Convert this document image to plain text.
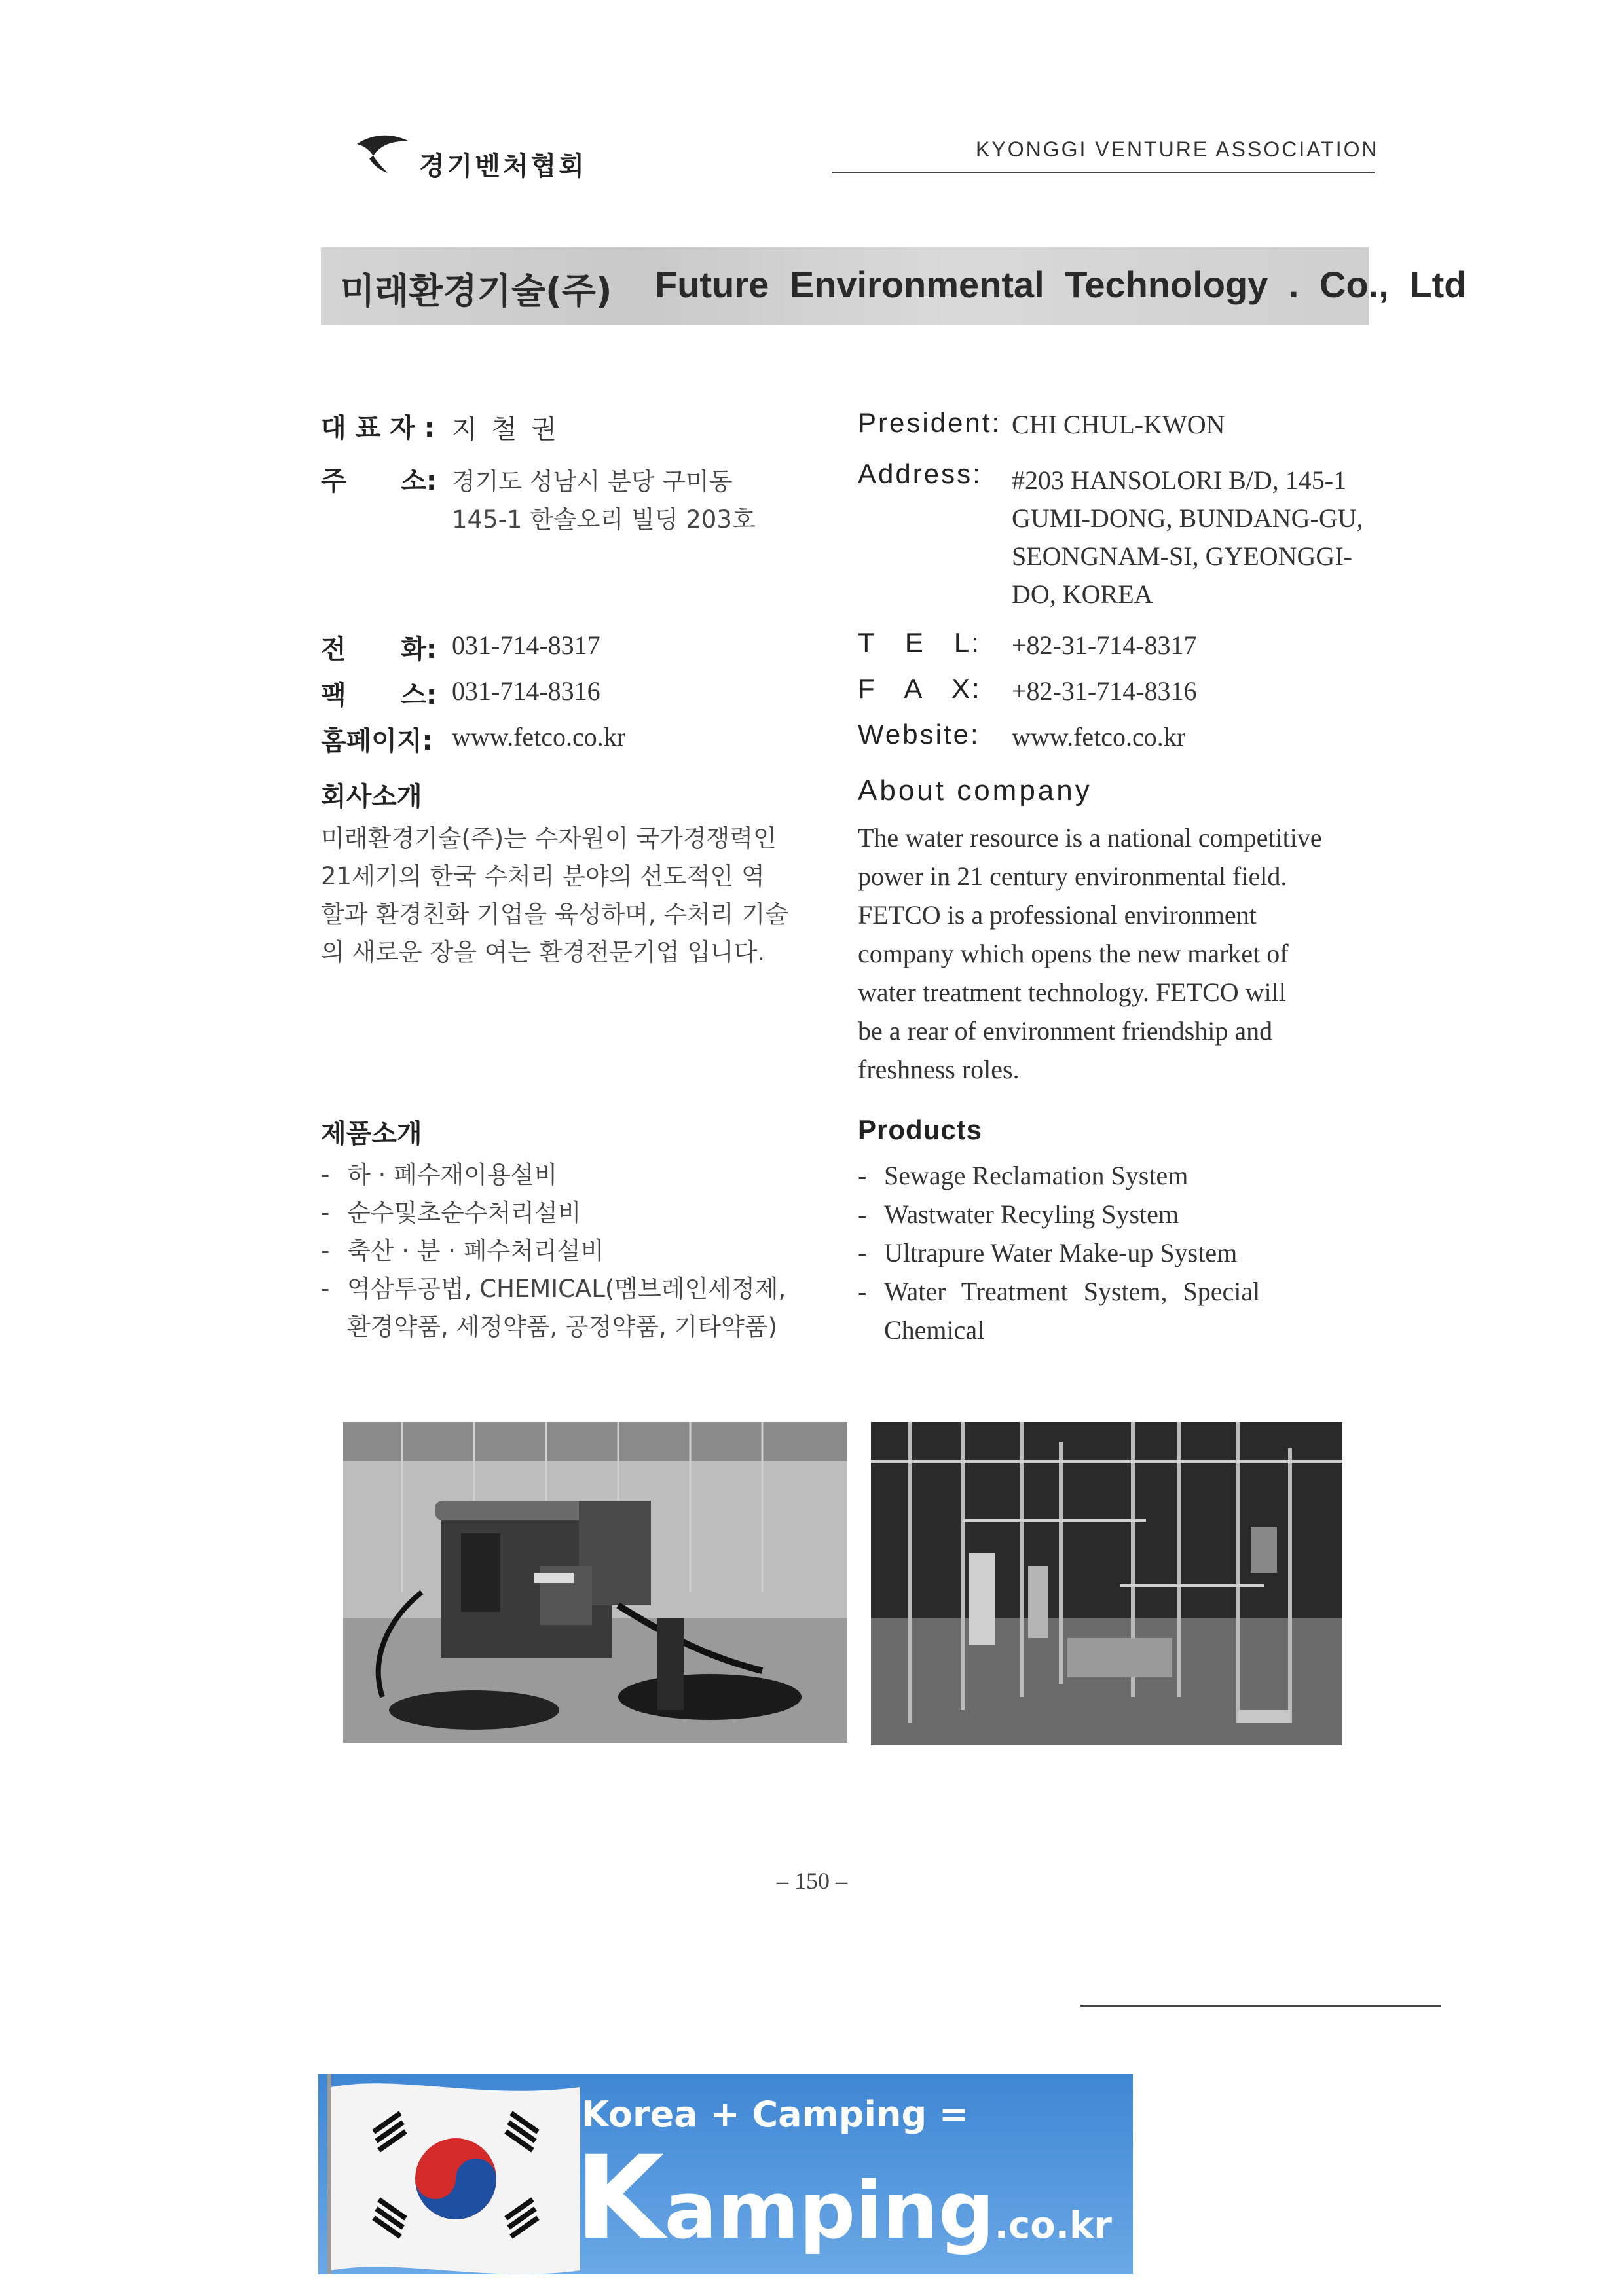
경기벤처협회
KYONGGI VENTURE ASSOCIATION
미래환경기술(주) Future Environmental Technology . Co., Ltd
대 표 자 : 지 철 권
주      소: 경기도 성남시 분당 구미동
145-1 한솔오리 빌딩 203호
전      화: 031-714-8317
팩      스: 031-714-8316
홈페이지: www.fetco.co.kr
회사소개
미래환경기술(주)는 수자원이 국가경쟁력인
21세기의 한국 수처리 분야의 선도적인 역
할과 환경친화 기업을 육성하며, 수처리 기술
의 새로운 장을 여는 환경전문기업 입니다.
제품소개
- 하 · 폐수재이용설비
- 순수및초순수처리설비
- 축산 · 분 · 폐수처리설비
- 역삼투공법, CHEMICAL(멤브레인세정제,
환경약품, 세정약품, 공정약품, 기타약품)
President: CHI CHUL-KWON
Address: #203 HANSOLORI B/D, 145-1
GUMI-DONG, BUNDANG-GU,
SEONGNAM-SI, GYEONGGI-
DO, KOREA
T   E   L: +82-31-714-8317
F   A   X: +82-31-714-8316
Website: www.fetco.co.kr
About company
The water resource is a national competitive
power in 21 century environmental field.
FETCO is a professional environment
company which opens the new market of
water treatment technology. FETCO will
be a rear of environment friendship and
freshness roles.
Products
- Sewage Reclamation System
- Wastwater Recyling System
- Ultrapure Water Make-up System
- Water Treatment System, Special
Chemical
– 150 –
Korea + Camping =
Kamping.co.kr
